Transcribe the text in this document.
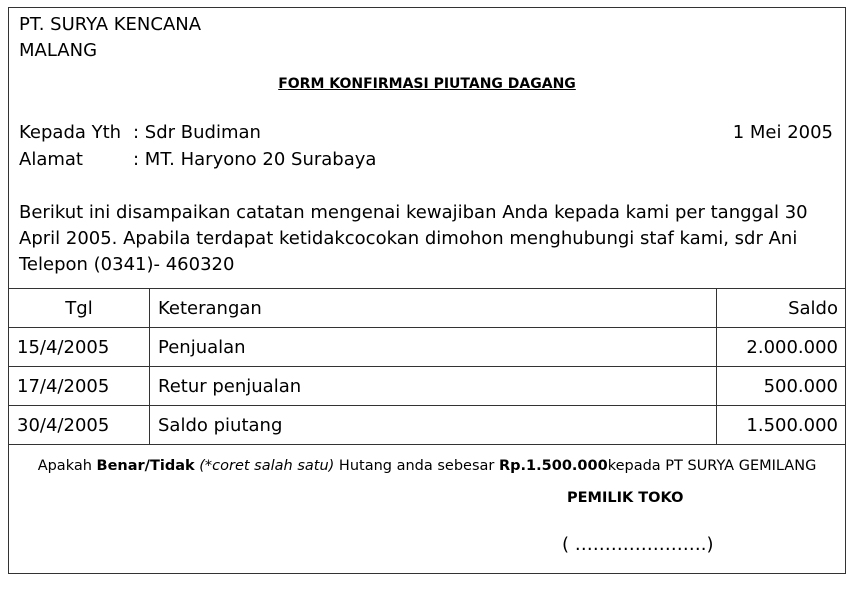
PT. SURYA KENCANA
MALANG
FORM KONFIRMASI PIUTANG DAGANG
Kepada Yth : Sdr Budiman	1 Mei 2005
Alamat	: MT. Haryono 20 Surabaya
Berikut ini disampaikan catatan mengenai kewajiban Anda kepada kami per tanggal 30 April 2005. Apabila terdapat ketidakcocokan dimohon menghubungi staf kami, sdr Ani Telepon (0341)- 460320
Tgl	Keterangan	Saldo
15/4/2005	Penjualan	2.000.000
17/4/2005	Retur penjualan	500.000
30/4/2005	Saldo piutang	1.500.000
Apakah Benar/Tidak (*coret salah satu) Hutang anda sebesar Rp.1.500.000kepada PT SURYA GEMILANG
PEMILIK TOKO
( ………………….)
